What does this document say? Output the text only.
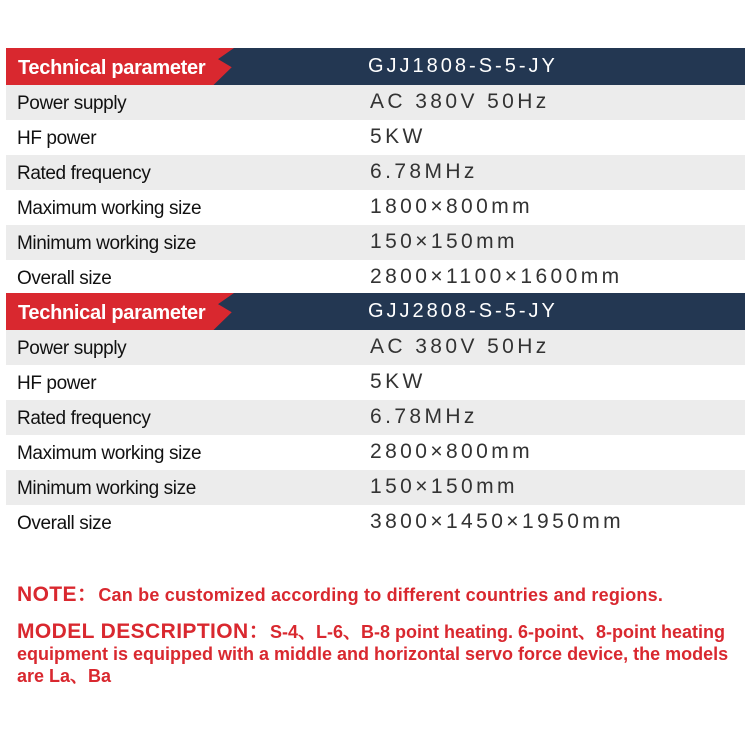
Technical parameter	GJJ1808-S-5-JY
Power supply	AC 380V 50Hz
HF power	5KW
Rated frequency	6.78MHz
Maximum working size	1800×800mm
Minimum working size	150×150mm
Overall size	2800×1100×1600mm
Technical parameter	GJJ2808-S-5-JY
Power supply	AC 380V 50Hz
HF power	5KW
Rated frequency	6.78MHz
Maximum working size	2800×800mm
Minimum working size	150×150mm
Overall size	3800×1450×1950mm
NOTE：Can be customized according to different countries and regions.
MODEL DESCRIPTION：S-4、L-6、B-8 point heating. 6-point、8-point heating equipment is equipped with a middle and horizontal servo force device, the models are La、Ba
